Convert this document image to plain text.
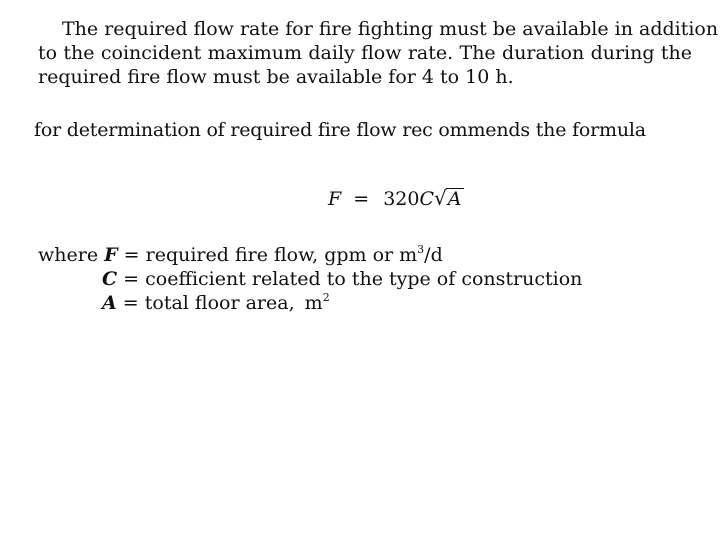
The required flow rate for fire fighting must be available in addition
to the coincident maximum daily flow rate. The duration during the
required fire flow must be available for 4 to 10 h.
for determination of required fire flow rec ommends the formula
F = 320C√A
where F = required fire flow, gpm or $m^3/d$
C = coefficient related to the type of construction
A = total floor area, $m^2$
